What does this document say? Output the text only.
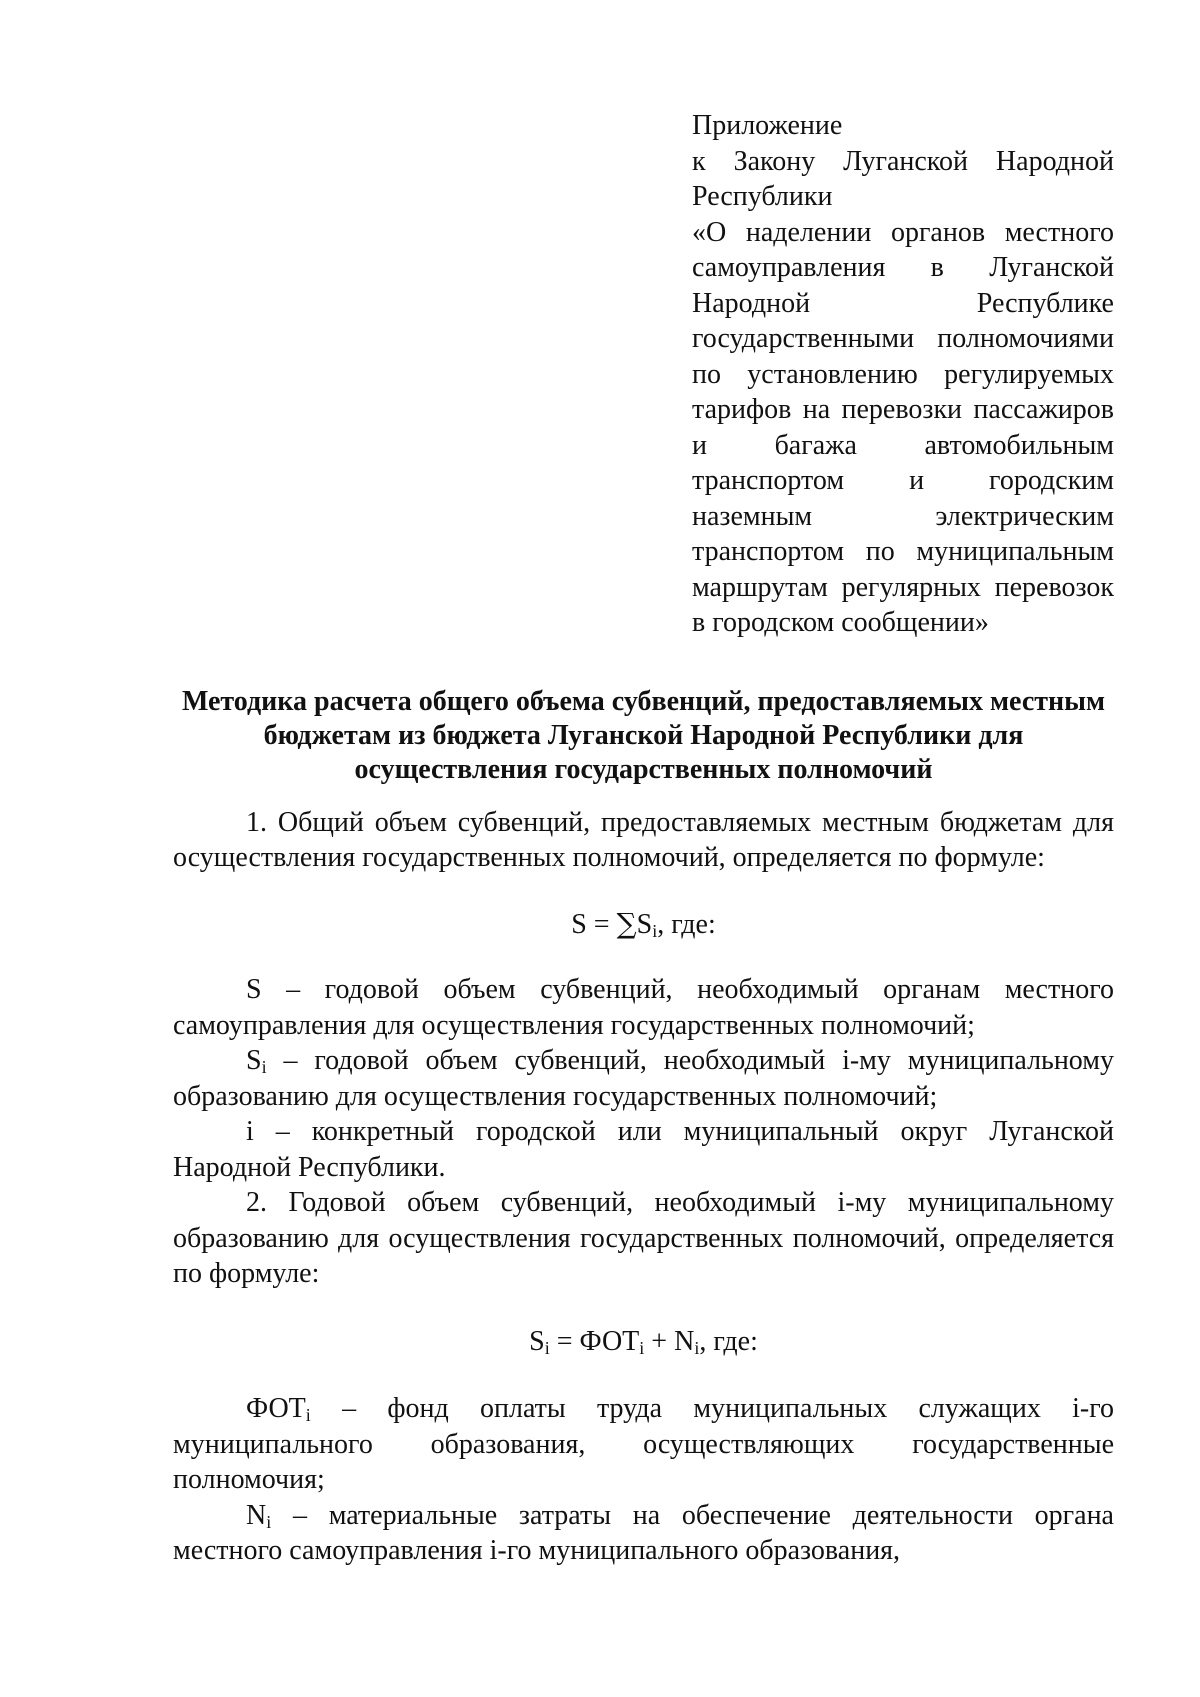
Приложение
к Закону Луганской Народной Республики
«О наделении органов местного самоуправления в Луганской Народной Республике государственными полномочиями по установлению регулируемых тарифов на перевозки пассажиров и багажа автомобильным транспортом и городским наземным электрическим транспортом по муниципальным маршрутам регулярных перевозок в городском сообщении»
Методика расчета общего объема субвенций, предоставляемых местным
бюджетам из бюджета Луганской Народной Республики для
осуществления государственных полномочий

1. Общий объем субвенций, предоставляемых местным бюджетам для осуществления государственных полномочий, определяется по формуле:

$S = \sum S_i$, где:

S – годовой объем субвенций, необходимый органам местного самоуправления для осуществления государственных полномочий;

$S_i$ – годовой объем субвенций, необходимый i-му муниципальному образованию для осуществления государственных полномочий;

i – конкретный городской или муниципальный округ Луганской Народной Республики.

2. Годовой объем субвенций, необходимый i-му муниципальному образованию для осуществления государственных полномочий, определяется по формуле:

$S_i = ФОТ_i + N_i$, где:

$ФОТ_i$ – фонд оплаты труда муниципальных служащих i-го муниципального образования, осуществляющих государственные полномочия;

$N_i$ – материальные затраты на обеспечение деятельности органа местного самоуправления i-го муниципального образования,
